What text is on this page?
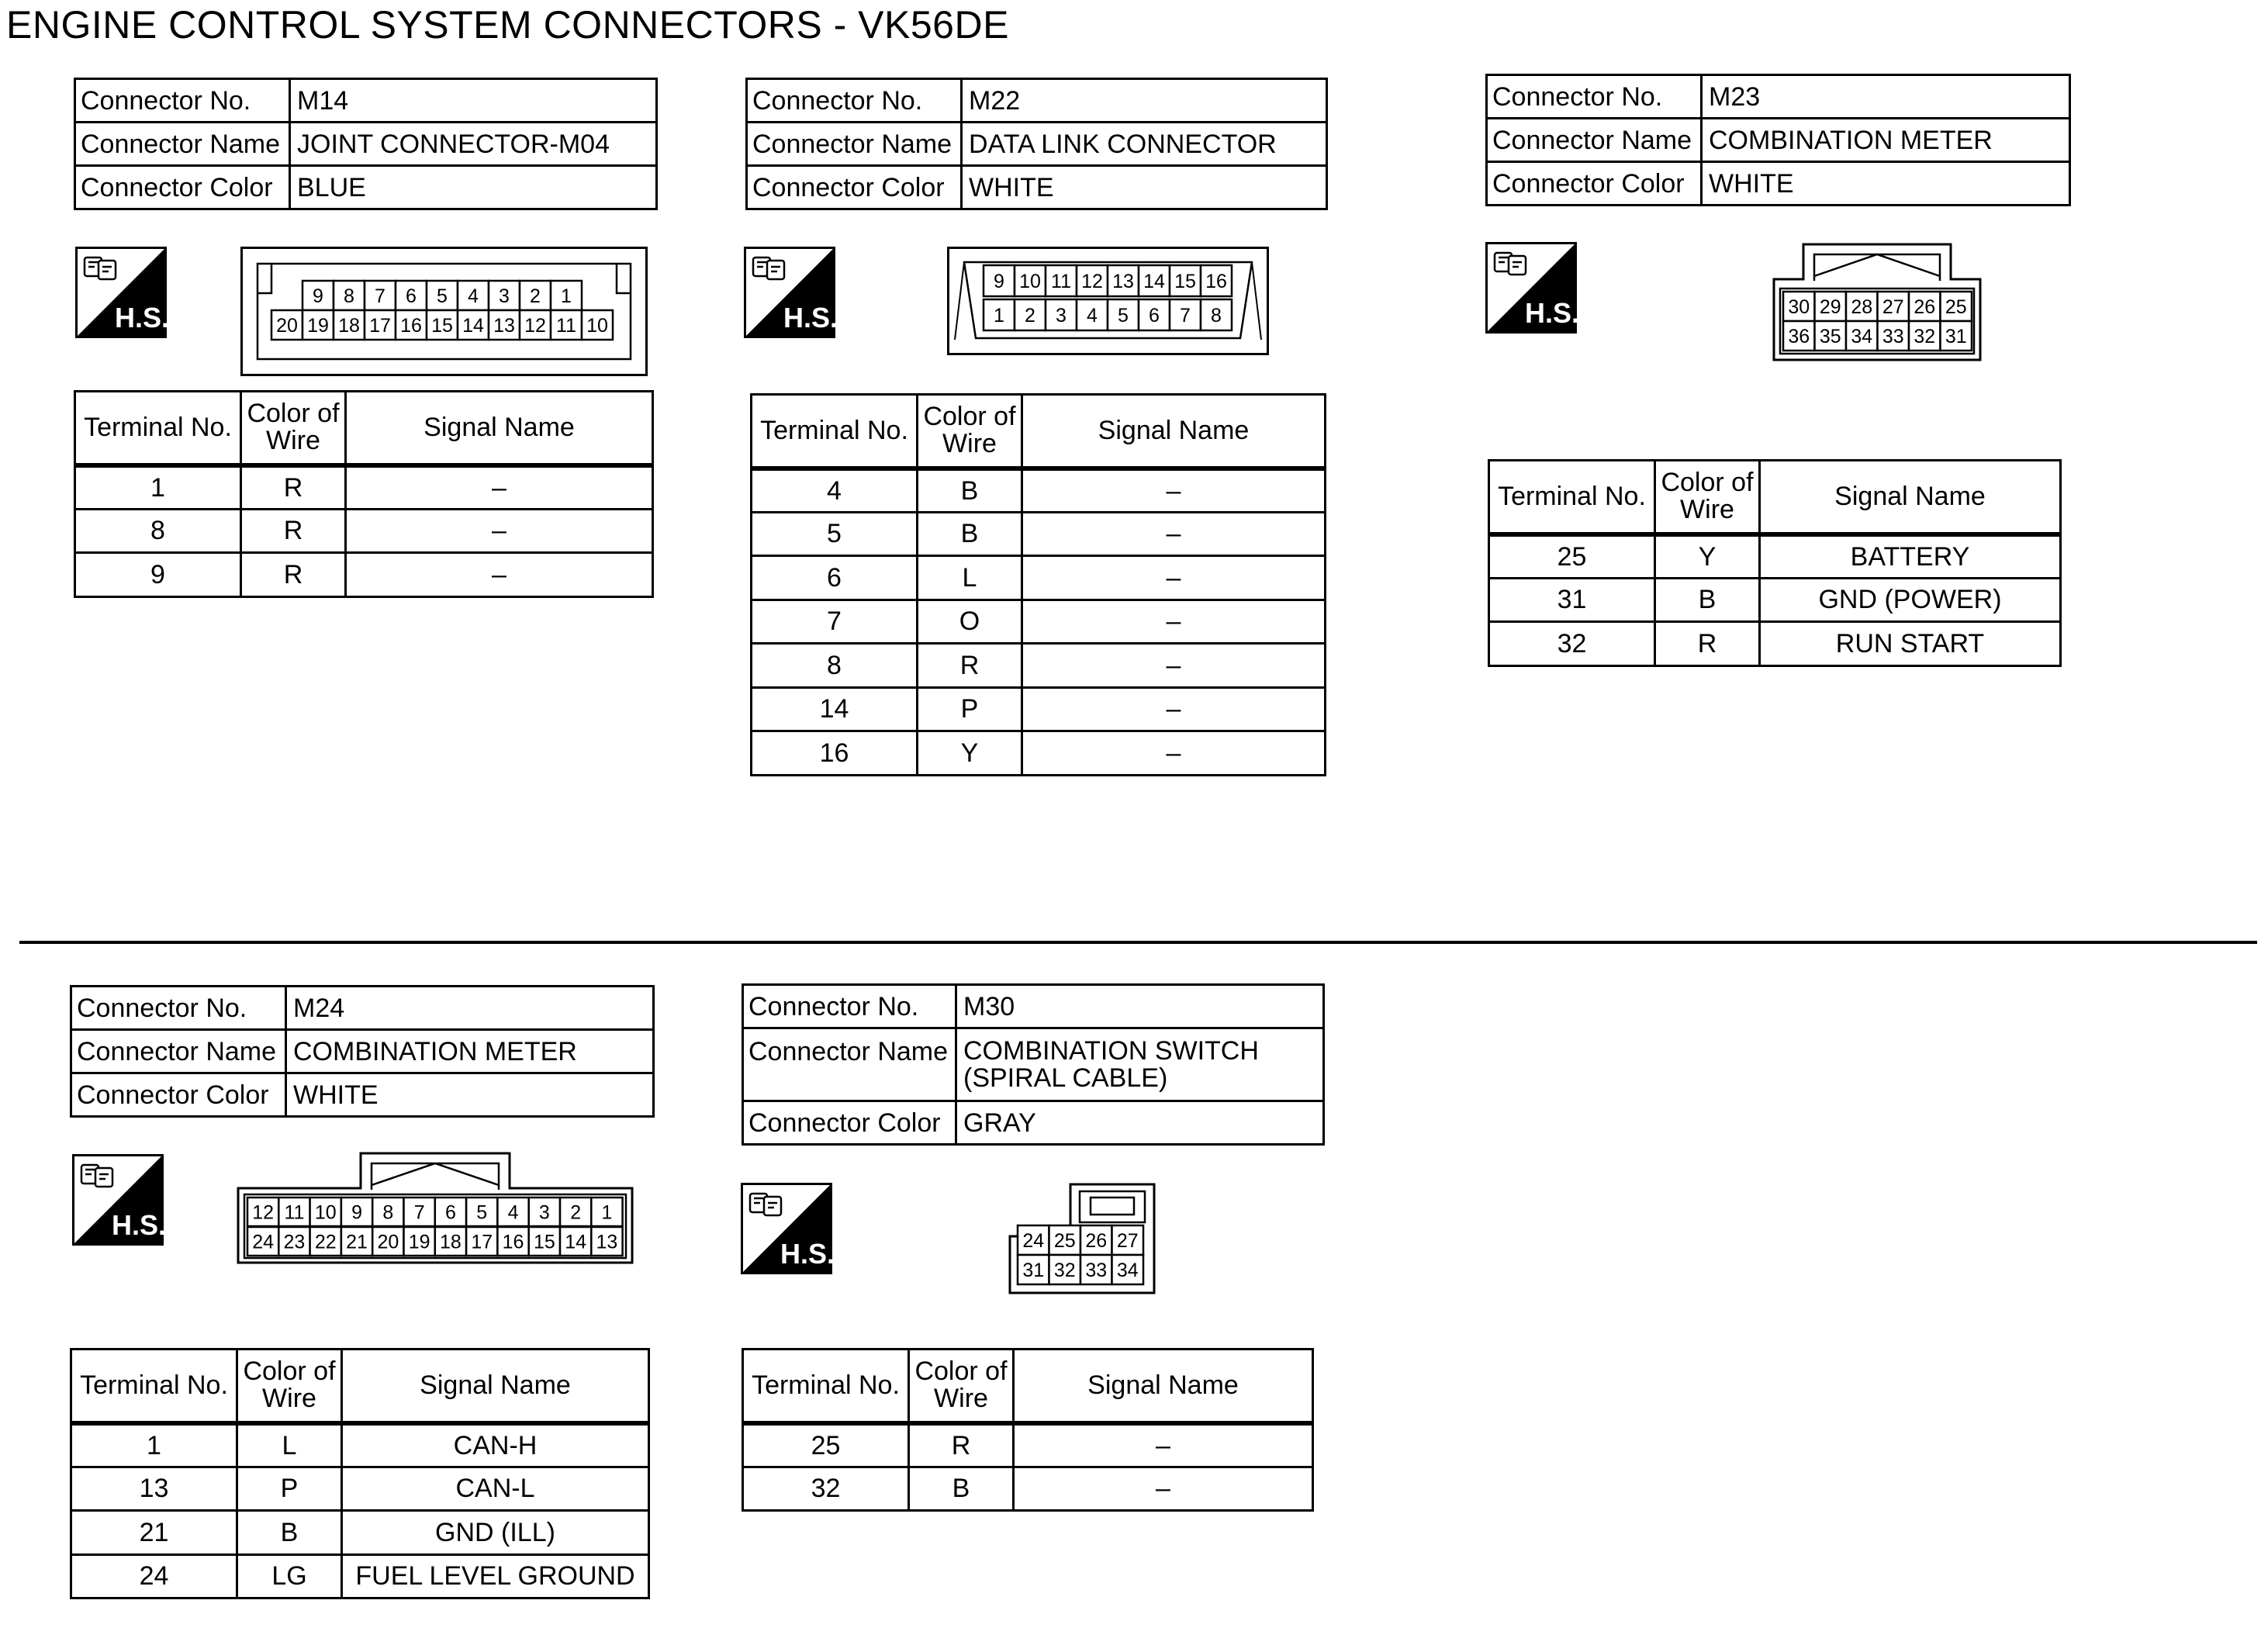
ENGINE CONTROL SYSTEM CONNECTORS - VK56DE
Connector No.	M14
Connector Name	JOINT CONNECTOR-M04
Connector Color	BLUE
H.S.
9 8 7 6 5 4 3 2 1
20 19 18 17 16 15 14 13 12 11 10
Terminal No.	Color of Wire	Signal Name
1	R	–
8	R	–
9	R	–
Connector No.	M22
Connector Name	DATA LINK CONNECTOR
Connector Color	WHITE
H.S.
9 10 11 12 13 14 15 16
1 2 3 4 5 6 7 8
Terminal No.	Color of Wire	Signal Name
4	B	–
5	B	–
6	L	–
7	O	–
8	R	–
14	P	–
16	Y	–
Connector No.	M23
Connector Name	COMBINATION METER
Connector Color	WHITE
H.S.	30 29 28 27 26 25
36 35 34 33 32 31
Terminal No.	Color of Wire	Signal Name
25	Y	BATTERY
31	B	GND (POWER)
32	R	RUN START
Connector No.	M24
Connector Name	COMBINATION METER
Connector Color	WHITE
H.S.	12 11 10 9 8 7 6 5 4 3 2 1
24 23 22 21 20 19 18 17 16 15 14 13
Terminal No.	Color of Wire	Signal Name
1	L	CAN-H
13	P	CAN-L
21	B	GND (ILL)
24	LG	FUEL LEVEL GROUND
Connector No.	M30
Connector Name	COMBINATION SWITCH (SPIRAL CABLE)
Connector Color	GRAY
H.S.	24 25 26 27
31 32 33 34
Terminal No.	Color of Wire	Signal Name
25	R	–
32	B	–
